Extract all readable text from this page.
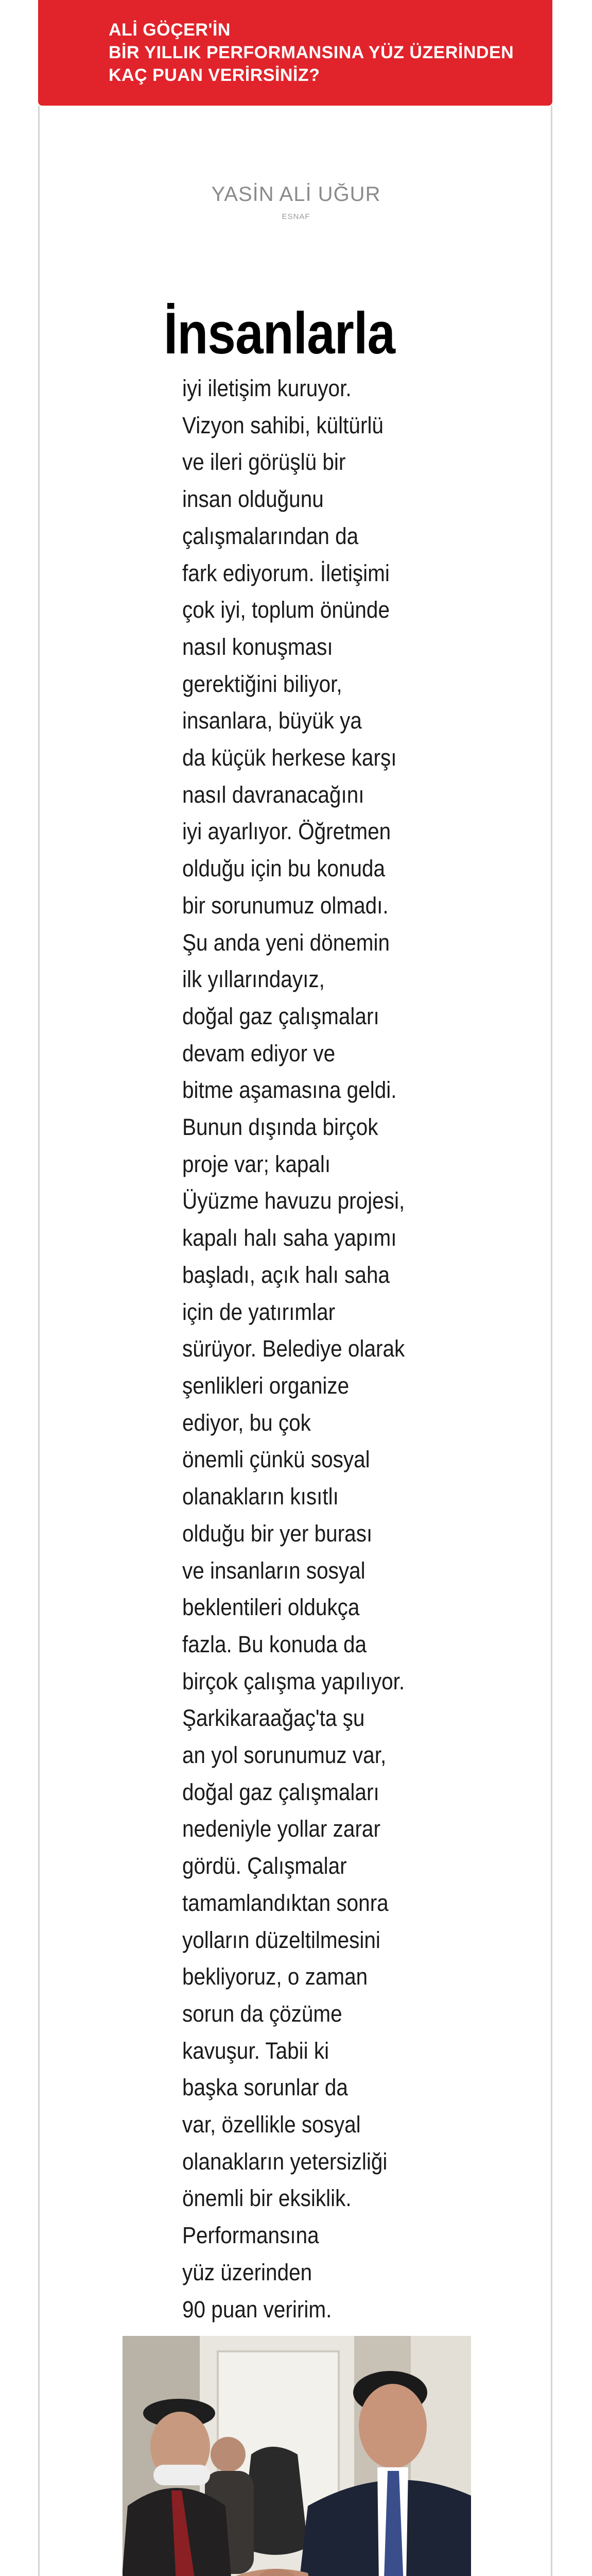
ALİ GÖÇER'İN
BİR YILLIK PERFORMANSINA YÜZ ÜZERİNDEN
KAÇ PUAN VERİRSİNİZ?
YASİN ALİ UĞUR
ESNAF
İnsanlarla
iyi iletişim kuruyor.
Vizyon sahibi, kültürlü
ve ileri görüşlü bir
insan olduğunu
çalışmalarından da
fark ediyorum. İletişimi
çok iyi, toplum önünde
nasıl konuşması
gerektiğini biliyor,
insanlara, büyük ya
da küçük herkese karşı
nasıl davranacağını
iyi ayarlıyor. Öğretmen
olduğu için bu konuda
bir sorunumuz olmadı.
Şu anda yeni dönemin
ilk yıllarındayız,
doğal gaz çalışmaları
devam ediyor ve
bitme aşamasına geldi.
Bunun dışında birçok
proje var; kapalı
Üyüzme havuzu projesi,
kapalı halı saha yapımı
başladı, açık halı saha
için de yatırımlar
sürüyor. Belediye olarak
şenlikleri organize
ediyor, bu çok
önemli çünkü sosyal
olanakların kısıtlı
olduğu bir yer burası
ve insanların sosyal
beklentileri oldukça
fazla. Bu konuda da
birçok çalışma yapılıyor.
Şarkikaraağaç'ta şu
an yol sorunumuz var,
doğal gaz çalışmaları
nedeniyle yollar zarar
gördü. Çalışmalar
tamamlandıktan sonra
yolların düzeltilmesini
bekliyoruz, o zaman
sorun da çözüme
kavuşur. Tabii ki
başka sorunlar da
var, özellikle sosyal
olanakların yetersizliği
önemli bir eksiklik.
Performansına
yüz üzerinden
90 puan veririm.
